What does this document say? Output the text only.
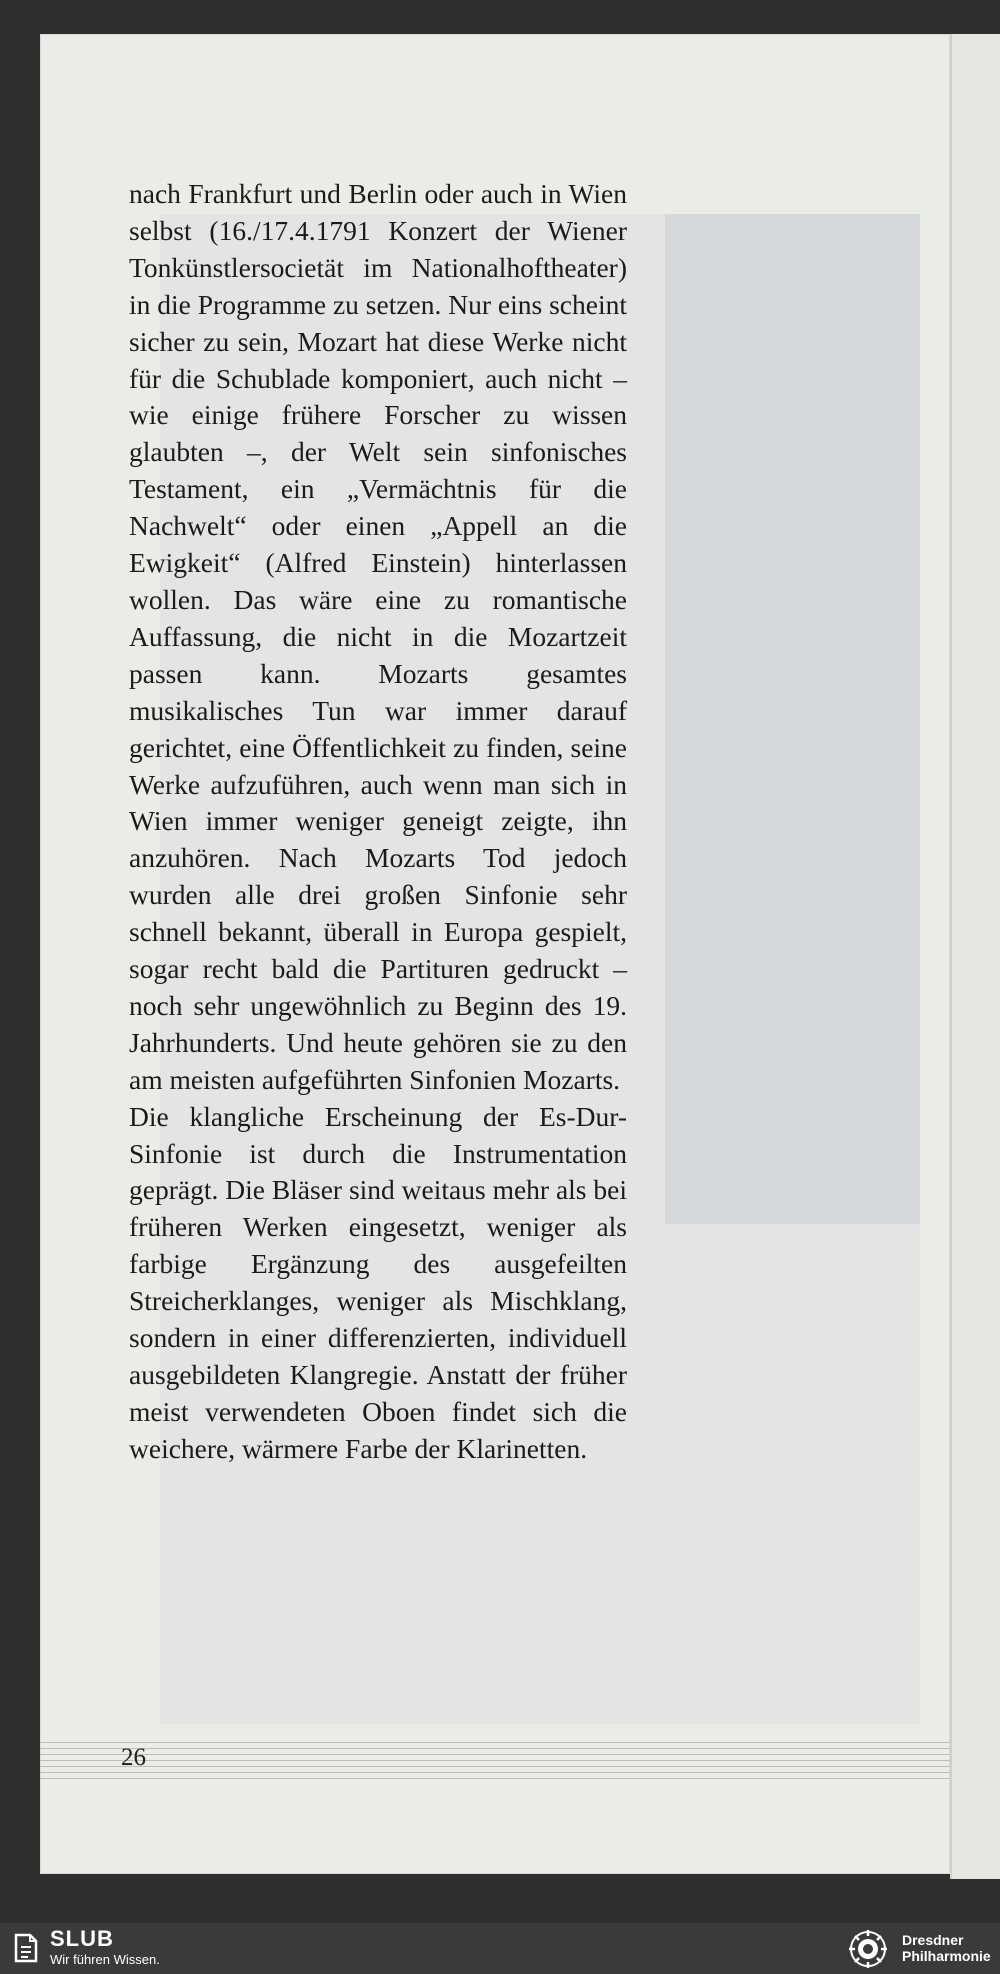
nach Frankfurt und Berlin oder auch in Wien selbst (16./17.4.1791 Konzert der Wiener Tonkünstlersocietät im Nationalhoftheater) in die Programme zu setzen. Nur eins scheint sicher zu sein, Mozart hat diese Werke nicht für die Schublade komponiert, auch nicht – wie einige frühere Forscher zu wissen glaubten –, der Welt sein sinfonisches Testament, ein „Vermächtnis für die Nachwelt“ oder einen „Appell an die Ewigkeit“ (Alfred Einstein) hinterlassen wollen. Das wäre eine zu romantische Auffassung, die nicht in die Mozartzeit passen kann. Mozarts gesamtes musikalisches Tun war immer darauf gerichtet, eine Öffentlichkeit zu finden, seine Werke aufzuführen, auch wenn man sich in Wien immer weniger geneigt zeigte, ihn anzuhören. Nach Mozarts Tod jedoch wurden alle drei großen Sinfonie sehr schnell bekannt, überall in Europa gespielt, sogar recht bald die Partituren gedruckt – noch sehr ungewöhnlich zu Beginn des 19. Jahrhunderts. Und heute gehören sie zu den am meisten aufgeführten Sinfonien Mozarts.

Die klangliche Erscheinung der Es-Dur-Sinfonie ist durch die Instrumentation geprägt. Die Bläser sind weitaus mehr als bei früheren Werken eingesetzt, weniger als farbige Ergänzung des ausgefeilten Streicherklanges, weniger als Mischklang, sondern in einer differenzierten, individuell ausgebildeten Klangregie. Anstatt der früher meist verwendeten Oboen findet sich die weichere, wärmere Farbe der Klarinetten.

26
SLUB
Wir führen Wissen.
Dresdner
Philharmonie
